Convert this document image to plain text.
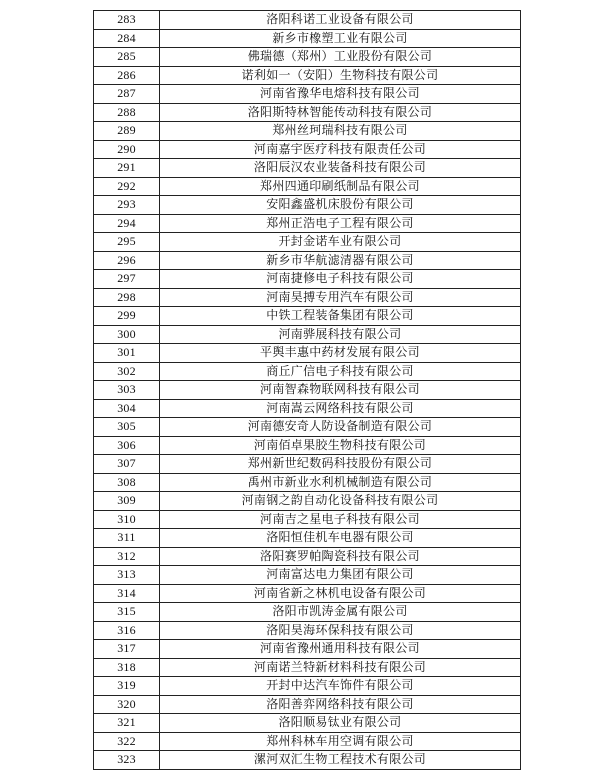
283	洛阳科诺工业设备有限公司
284	新乡市橡塑工业有限公司
285	佛瑞德（郑州）工业股份有限公司
286	诺利如一（安阳）生物科技有限公司
287	河南省豫华电熔科技有限公司
288	洛阳斯特林智能传动科技有限公司
289	郑州丝珂瑞科技有限公司
290	河南嘉宇医疗科技有限责任公司
291	洛阳辰汉农业装备科技有限公司
292	郑州四通印刷纸制品有限公司
293	安阳鑫盛机床股份有限公司
294	郑州正浩电子工程有限公司
295	开封金诺车业有限公司
296	新乡市华航滤清器有限公司
297	河南捷修电子科技有限公司
298	河南昊搏专用汽车有限公司
299	中铁工程装备集团有限公司
300	河南骅展科技有限公司
301	平舆丰惠中药材发展有限公司
302	商丘广信电子科技有限公司
303	河南智森物联网科技有限公司
304	河南嵩云网络科技有限公司
305	河南德安奇人防设备制造有限公司
306	河南佰卓果胶生物科技有限公司
307	郑州新世纪数码科技股份有限公司
308	禹州市新业水利机械制造有限公司
309	河南钢之韵自动化设备科技有限公司
310	河南吉之星电子科技有限公司
311	洛阳恒佳机车电器有限公司
312	洛阳赛罗帕陶瓷科技有限公司
313	河南富达电力集团有限公司
314	河南省新之林机电设备有限公司
315	洛阳市凯涛金属有限公司
316	洛阳昊海环保科技有限公司
317	河南省豫州通用科技有限公司
318	河南诺兰特新材料科技有限公司
319	开封中达汽车饰件有限公司
320	洛阳善弈网络科技有限公司
321	洛阳顺易钛业有限公司
322	郑州科林车用空调有限公司
323	漯河双汇生物工程技术有限公司
